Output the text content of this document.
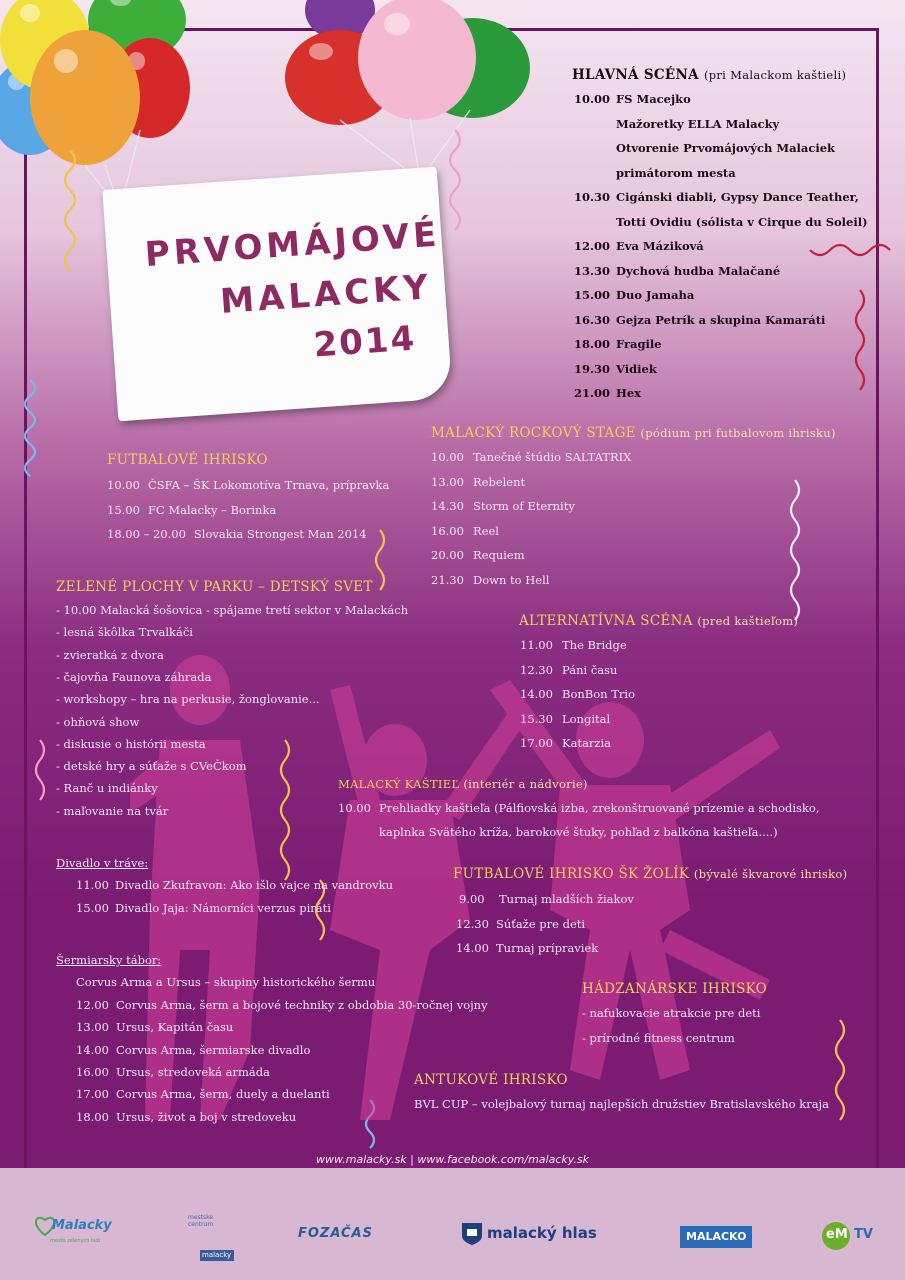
PRVOMÁJOVÉ
MALACKY
2014
HLAVNÁ SCÉNA (pri Malackom kaštieli)
10.00 FS Macejko
Mažoretky ELLA Malacky
Otvorenie Prvomájových Malaciek
primátorom mesta
10.30 Cigánski diabli, Gypsy Dance Teather,
Totti Ovidiu (sólista v Cirque du Soleil)
12.00 Eva Máziková
13.30 Dychová hudba Malačané
15.00 Duo Jamaha
16.30 Gejza Petrík a skupina Kamaráti
18.00 Fragile
19.30 Vidiek
21.00 Hex
MALACKÝ ROCKOVÝ STAGE (pódium pri futbalovom ihrisku)
10.00 Tanečné štúdio SALTATRIX
13.00 Rebelent
14.30 Storm of Eternity
16.00 Reel
20.00 Requiem
21.30 Down to Hell
FUTBALOVÉ IHRISKO
10.00 ČSFA – ŠK Lokomotíva Trnava, prípravka
15.00 FC Malacky – Borinka
18.00 – 20.00 Slovakia Strongest Man 2014
ZELENÉ PLOCHY V PARKU – DETSKÝ SVET
- 10.00 Malacká šošovica - spájame tretí sektor v Malackách
- lesná škôlka Trvalkáči
- zvieratká z dvora
- čajovňa Faunova záhrada
- workshopy – hra na perkusie, žonglovanie...
- ohňová show
- diskusie o histórii mesta
- detské hry a súťaže s CVeČkom
- Ranč u indiánky
- maľovanie na tvár
ALTERNATÍVNA SCÉNA (pred kaštieľom)
11.00 The Bridge
12.30 Páni času
14.00 BonBon Trio
15.30 Longital
17.00 Katarzia
MALACKÝ KAŠTIEĽ (interiér a nádvorie)
10.00 Prehliadky kaštieľa (Pálfiovská izba, zrekonštruované prízemie a schodisko,
kaplnka Svätého kríža, barokové štuky, pohľad z balkóna kaštieľa....)
Divadlo v tráve:
11.00 Divadlo Zkufravon: Ako išlo vajce na vandrovku
15.00 Divadlo Jaja: Námorníci verzus piráti
FUTBALOVÉ IHRISKO ŠK ŽOLÍK (bývalé škvarové ihrisko)
9.00 Turnaj mladších žiakov
12.30 Súťaže pre deti
14.00 Turnaj prípraviek
Šermiarsky tábor:
Corvus Arma a Ursus – skupiny historického šermu
12.00 Corvus Arma, šerm a bojové techniky z obdobia 30-ročnej vojny
13.00 Ursus, Kapitán času
14.00 Corvus Arma, šermiarske divadlo
16.00 Ursus, stredoveká armáda
17.00 Corvus Arma, šerm, duely a duelanti
18.00 Ursus, život a boj v stredoveku
HÁDZANÁRSKE IHRISKO
- nafukovacie atrakcie pre deti
- prírodné fitness centrum
ANTUKOVÉ IHRISKO
BVL CUP – volejbalový turnaj najlepších družstiev Bratislavského kraja
www.malacky.sk | www.facebook.com/malacky.sk
Malacky
mesto zelenych ludi
mestske centrum
malacky
FOZAČAS	malacký hlas	MALACKO	eM TV
